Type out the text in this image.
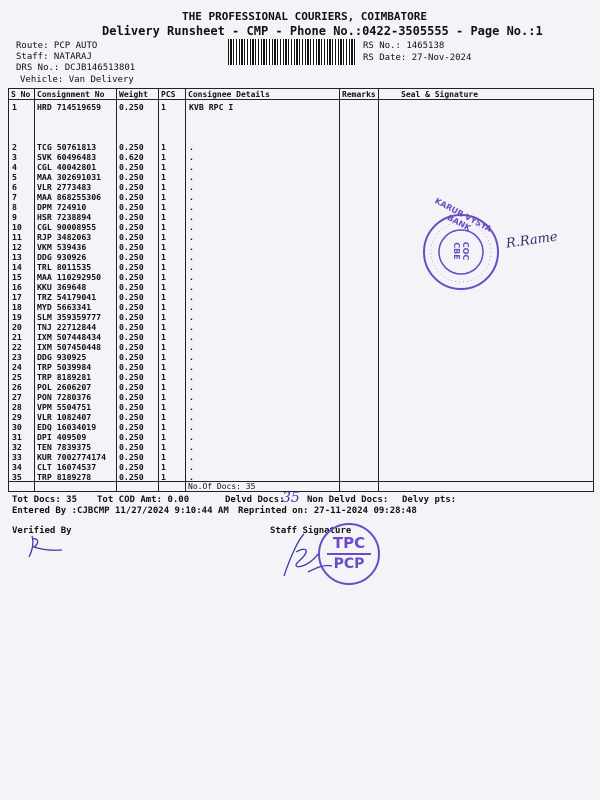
THE PROFESSIONAL COURIERS, COIMBATORE
Delivery Runsheet - CMP - Phone No.:0422-3505555 - Page No.:1
Route: PCP AUTO
Staff: NATARAJ
DRS No.: DCJB146513801
Vehicle: Van Delivery
RS No.: 1465138
RS Date: 27-Nov-2024
S No Consignment No Weight PCS Consignee Details	Remarks	Seal & Signature
1 HRD 714519659 0.250 1	KVB RPC I
2 TCG 50761813	0.250 1	.
3 SVK 60496483	0.620 1	.
4 CGL 40042801	0.250 1	.
5 MAA 302691031 0.250 1	.
6 VLR 2773483	0.250 1	.
7 MAA 868255306 0.250 1	.
8 DPM 724910	0.250 1	.
9 HSR 7238894	0.250 1	.
10 CGL 90008955	0.250 1	.
11 RJP 3482063	0.250 1	.
12 VKM 539436	0.250 1	.
13 DDG 930926	0.250 1	.
14 TRL 8011535	0.250 1	.
15 MAA 110292950 0.250 1	.
16 KKU 369648	0.250 1	.
17 TRZ 54179041	0.250 1	.
18 MYD 5663341	0.250 1	.
19 SLM 359359777 0.250 1	.
20 TNJ 22712844	0.250 1	.
21 IXM 507448434 0.250 1	.
22 IXM 507450448 0.250 1	.
23 DDG 930925	0.250 1	.
24 TRP 5039984	0.250 1	.
25 TRP 8189281	0.250 1	.
26 POL 2606207	0.250 1	.
27 PON 7280376	0.250 1	.
28 VPM 5504751	0.250 1	.
29 VLR 1082407	0.250 1	.
30 EDQ 16034019	0.250 1	.
31 DPI 409509	0.250 1	.
32 TEN 7839375	0.250 1	.
33 KUR 7002774174 0.250 1	.
34 CLT 16074537	0.250 1	.
35 TRP 8189278	0.250 1	.
No.Of Docs: 35
Tot Docs: 35 Tot COD Amt: 0.00	Delvd Docs:
35 Non Delvd Docs: Delvy pts:
Entered By :CJBCMP 11/27/2024 9:10:44 AM Reprinted on: 27-11-2024 09:28:48
Verified By	Staff Signature
KARUR VYSYA BANK
COC CBE	R.Rame
TPC
PCP
